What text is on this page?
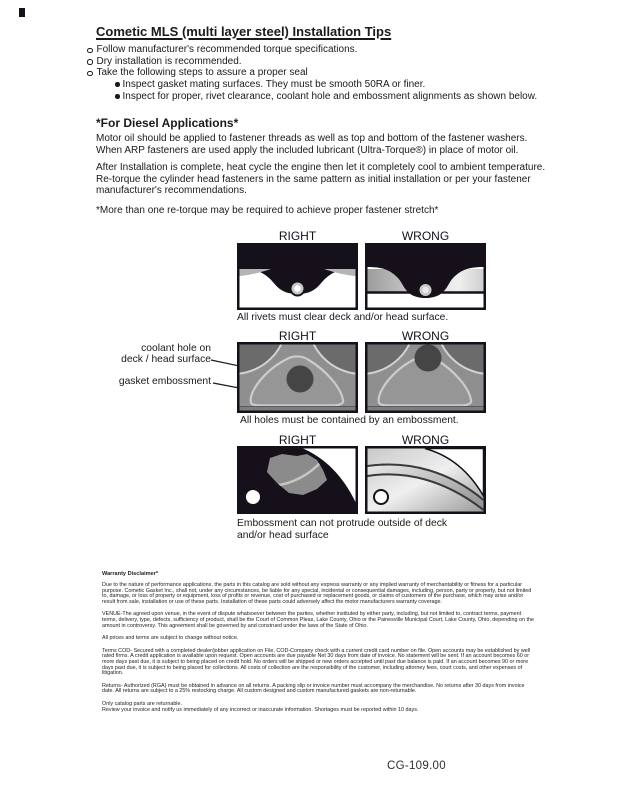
Cometic MLS (multi layer steel) Installation Tips
Follow manufacturer's recommended torque specifications.
Dry installation is recommended.
Take the following steps to assure a proper seal
Inspect gasket mating surfaces. They must be smooth 50RA or finer.
Inspect for proper, rivet clearance, coolant hole and embossment alignments as shown below.
*For Diesel Applications*

Motor oil should be applied to fastener threads as well as top and bottom of the fastener washers. When ARP fasteners are used apply the included lubricant (Ultra-Torque®) in place of motor oil.

After Installation is complete, heat cycle the engine then let it completely cool to ambient temperature. Re-torque the cylinder head fasteners in the same pattern as initial installation or per your fastener manufacturer's recommendations.

*More than one re-torque may be required to achieve proper fastener stretch*

RIGHT	WRONG

All rivets must clear deck and/or head surface.

RIGHT	WRONG

coolant hole on
deck / head surface

gasket embossment

All holes must be contained by an embossment.

RIGHT	WRONG

Embossment can not protrude outside of deck
and/or head surface

Warranty Disclaimer*

Due to the nature of performance applications, the parts in this catalog are sold without any express warranty or any implied warranty of merchantability or fitness for a particular purpose. Cometic Gasket Inc., shall not, under any circumstances, be liable for any special, incidental or consequential damages, including, person, party or property, but not limited to, damage, or loss of property or equipment, loss of profits or revenue, cost of purchased or replacement goods, or claims of customers of the purchase, which may arise and/or result from sale, installation or use of these parts. Installation of these parts could adversely affect the motor manufacturers warranty coverage.

VENUE-The agreed upon venue, in the event of dispute whatsoever between the parties, whether instituted by either party, including, but not limited to, contract terms, payment terms, delivery, type, defects, sufficiency of product, shall be the Court of Common Pleas, Lake County, Ohio or the Painesville Municipal Court, Lake County, Ohio, depending on the amount in controversy. This agreement shall be governed by and construed under the laws of the State of Ohio.

All prices and terms are subject to change without notice.

Terms COD- Secured with a completed dealer/jobber application on File, COD-Company check with a current credit card number on file. Open accounts may be established by well rated firms. A credit application is available upon request. Open accounts are due payable Net 30 days from date of invoice. No statement will be sent. If an account becomes 60 or more days past due, it is subject to being placed on credit hold. No orders will be shipped or new orders accepted until past due balance is paid. If an account becomes 90 or more days past due, it is subject to being placed for collections. All costs of collection are the responsibility of the customer, including attorney fees, court costs, and other expenses of litigation.

Returns- Authorized (RGA) must be obtained in advance on all returns. A packing slip or invoice number must accompany the merchandise. No returns after 30 days from invoice date. All returns are subject to a 25% restocking charge. All custom designed and custom manufactured gaskets are non-returnable.

Only catalog parts are returnable.

Review your invoice and notify us immediately of any incorrect or inaccurate information. Shortages must be reported within 10 days.

CG-109.00
